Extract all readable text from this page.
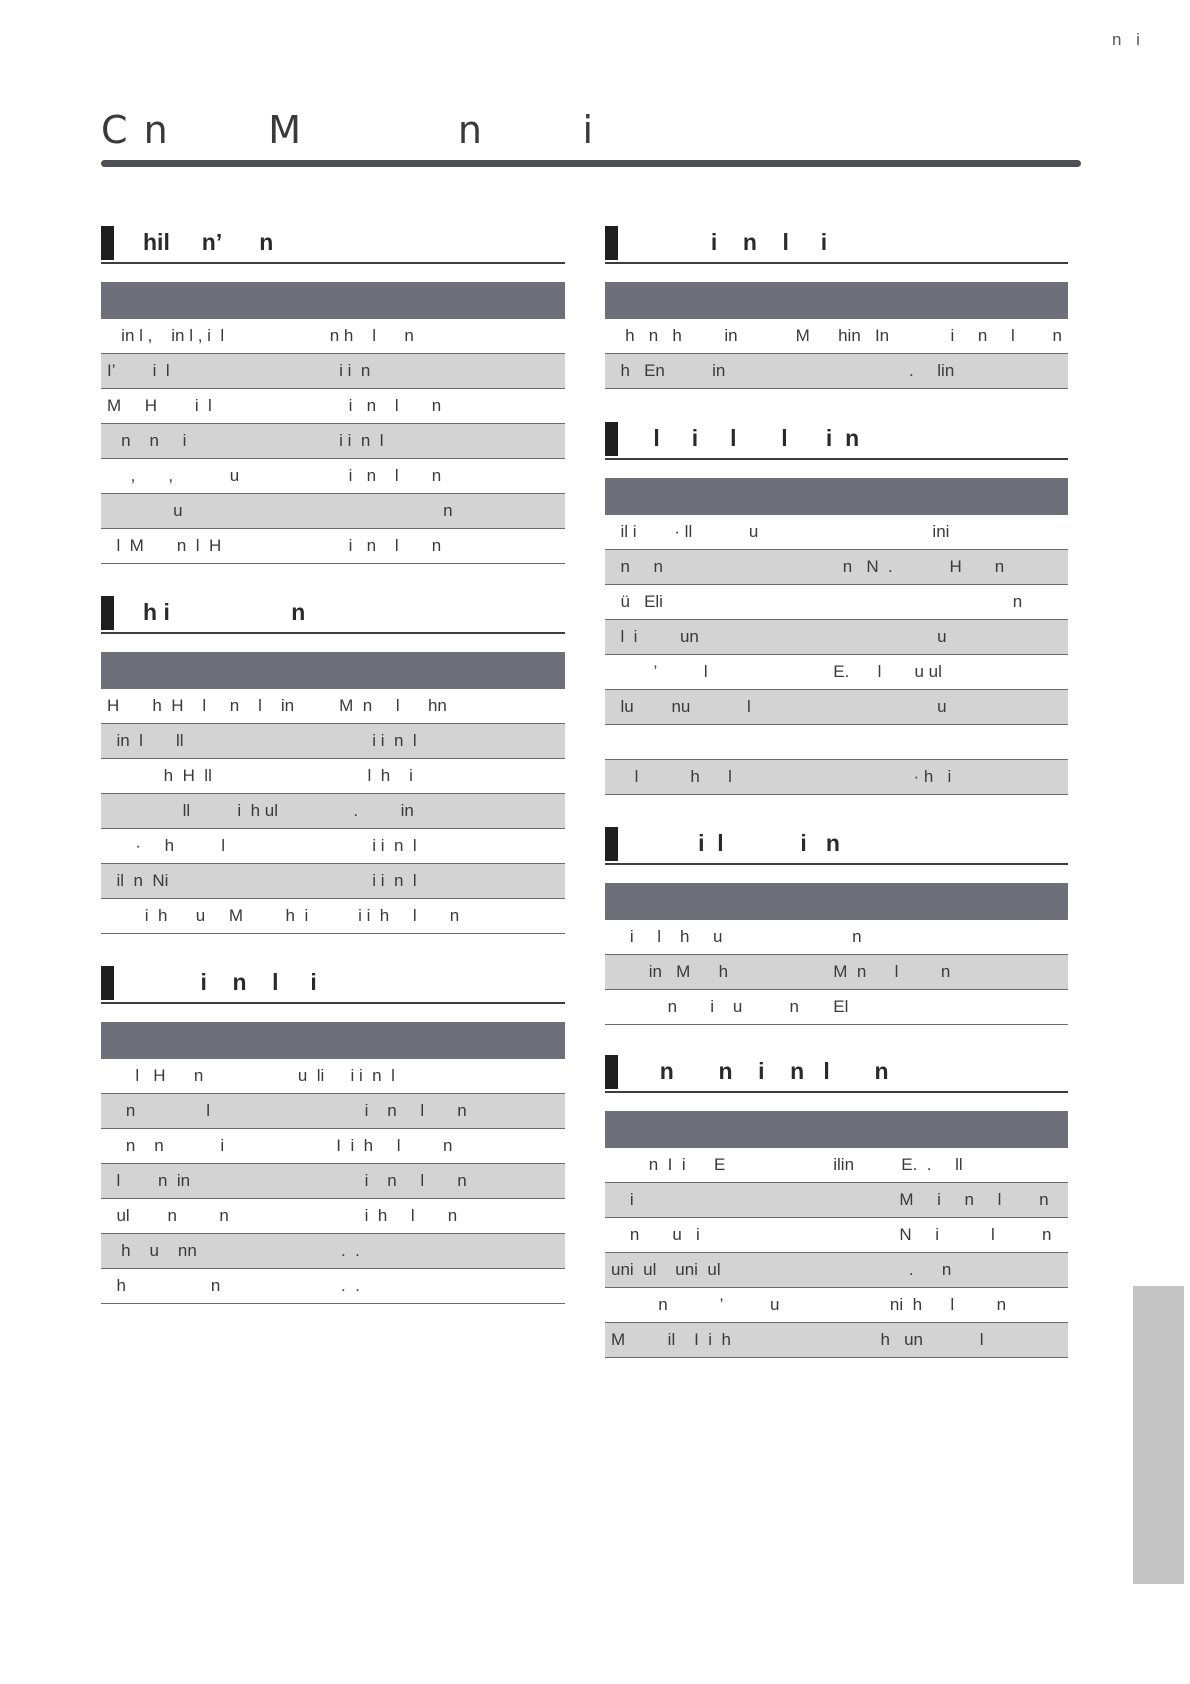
n i
C n       M           n       i
hil     n’      n

in l ,    in l , i  l	n h    l      n
I’        i  l	i i  n
M     H        i  l	i   n    l       n
n    n     i	i i  n  l
,       ,            u	i   n    l       n
u	n
l  M       n  l  H	i   n    l       n
h i                   n

H       h  H    l     n    l    in	M  n     l      hn
in  l       ll	i i  n  l
h  H  ll	l  h    i
ll          i  h ul	.         in
·     h          l	i i  n  l
il  n  Ni	i i  n  l
i  h      u     M         h  i	i i  h     l       n
i    n    l     i

l   H      n                    u  li	i i  n  l
n               l	i    n     l       n
n    n            i	I  i  h     l         n
l        n  in	i    n     l       n
ul        n         n	i  h     l       n
h    u    nn	.  .
h                  n	.  .
i    n    l     i

h   n   h         in	M      hin   In             i     n     l        n
h   En          in	.     lin
l     i     l       l      i  n

il i        · ll            u	ini
n     n	n   N  .            H       n
ü   Eli	n
l  i         un	u
’          l	E.      l       u ul
lu        nu            l	u

l           h      l	· h   i
i  l            i   n

i     l    h     u	n
in   M      h	M  n      l         n
n       i    u          n	El
n       n    i    n   l       n

n  I  i      E	ilin          E.  .     ll
i	M     i     n     l        n
n       u   i	N     i           l          n
uni  ul    uni  ul	.      n
n           ’          u	ni  h      l         n
M         il    I  i  h	h   un            l
